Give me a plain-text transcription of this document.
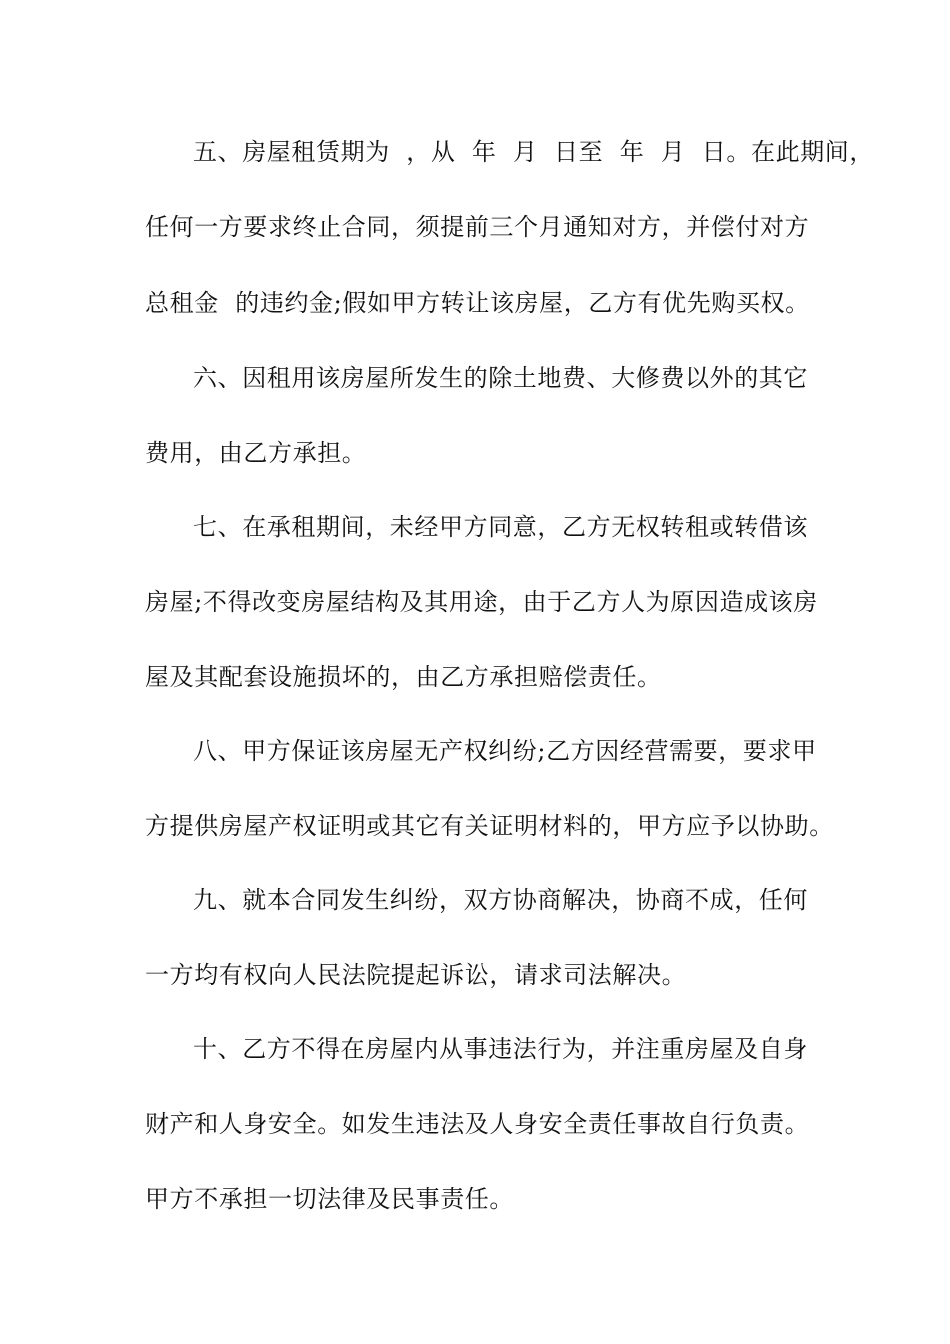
五、房屋租赁期为  ，从  年  月  日至  年  月  日。在此期间，
任何一方要求终止合同，须提前三个月通知对方，并偿付对方
总租金  的违约金;假如甲方转让该房屋，乙方有优先购买权。
六、因租用该房屋所发生的除土地费、大修费以外的其它
费用，由乙方承担。
七、在承租期间，未经甲方同意，乙方无权转租或转借该
房屋;不得改变房屋结构及其用途，由于乙方人为原因造成该房
屋及其配套设施损坏的，由乙方承担赔偿责任。
八、甲方保证该房屋无产权纠纷;乙方因经营需要，要求甲
方提供房屋产权证明或其它有关证明材料的，甲方应予以协助。
九、就本合同发生纠纷，双方协商解决，协商不成，任何
一方均有权向人民法院提起诉讼，请求司法解决。
十、乙方不得在房屋内从事违法行为，并注重房屋及自身
财产和人身安全。如发生违法及人身安全责任事故自行负责。
甲方不承担一切法律及民事责任。
